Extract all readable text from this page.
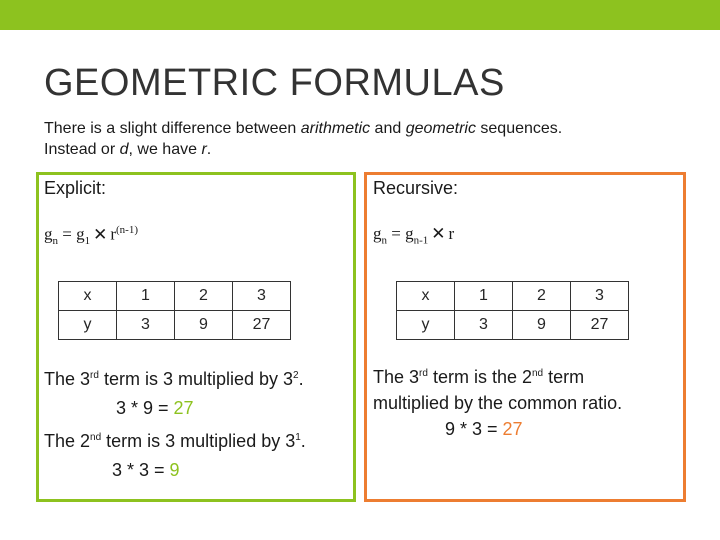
GEOMETRIC FORMULAS
There is a slight difference between arithmetic and geometric sequences.
Instead or d, we have r.
Explicit:
$g_n = g_1$ ✕ $r^{(n-1)}$
x	1	2	3
y	3	9	27
The 3rd term is 3 multiplied by $3^2$.
3 * 9 = 27
The 2nd term is 3 multiplied by $3^1$.
3 * 3 = 9
Recursive:
$g_n = g_{n-1}$ ✕ r
x	1	2	3
y	3	9	27
The 3rd term is the 2nd term
multiplied by the common ratio.
9 * 3 = 27
